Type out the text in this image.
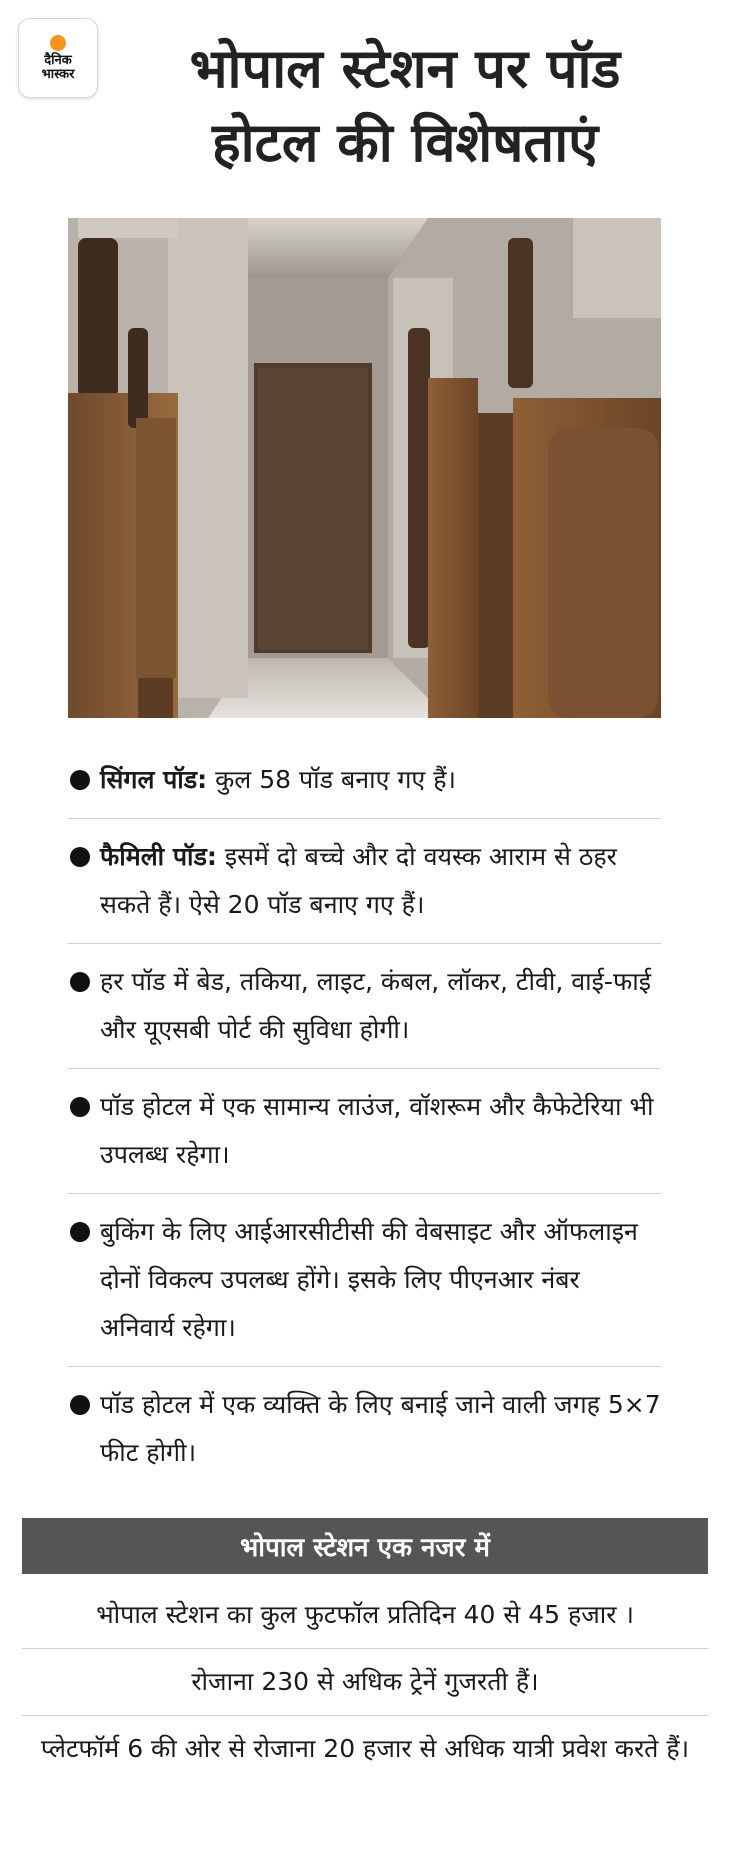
दैनिक
भास्कर	भोपाल स्टेशन पर पॉड
होटल की विशेषताएं
सिंगल पॉड: कुल 58 पॉड बनाए गए हैं।
फैमिली पॉड: इसमें दो बच्चे और दो वयस्क आराम से ठहर सकते हैं। ऐसे 20 पॉड बनाए गए हैं।
हर पॉड में बेड, तकिया, लाइट, कंबल, लॉकर, टीवी, वाई-फाई और यूएसबी पोर्ट की सुविधा होगी।
पॉड होटल में एक सामान्य लाउंज, वॉशरूम और कैफेटेरिया भी उपलब्ध रहेगा।
बुकिंग के लिए आईआरसीटीसी की वेबसाइट और ऑफलाइन दोनों विकल्प उपलब्ध होंगे। इसके लिए पीएनआर नंबर अनिवार्य रहेगा।
पॉड होटल में एक व्यक्ति के लिए बनाई जाने वाली जगह 5×7 फीट होगी।
भोपाल स्टेशन एक नजर में
भोपाल स्टेशन का कुल फुटफॉल प्रतिदिन 40 से 45 हजार ।
रोजाना 230 से अधिक ट्रेनें गुजरती हैं।
प्लेटफॉर्म 6 की ओर से रोजाना 20 हजार से अधिक यात्री प्रवेश करते हैं।
